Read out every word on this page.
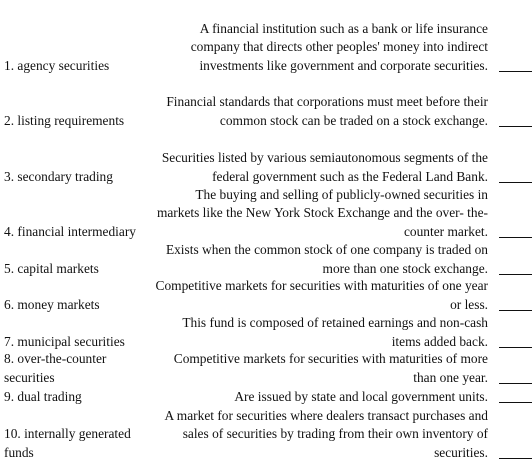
1. agency securities
A financial institution such as a bank or life insurance company that directs other peoples' money into indirect investments like government and corporate securities.
2. listing requirements
Financial standards that corporations must meet before their common stock can be traded on a stock exchange.
3. secondary trading
Securities listed by various semiautonomous segments of the federal government such as the Federal Land Bank.
4. financial intermediary
The buying and selling of publicly-owned securities in markets like the New York Stock Exchange and the over- the-counter market.
5. capital markets
Exists when the common stock of one company is traded on more than one stock exchange.
6. money markets
Competitive markets for securities with maturities of one year or less.
7. municipal securities
This fund is composed of retained earnings and non-cash items added back.
8. over-the-counter securities
Competitive markets for securities with maturities of more than one year.
9. dual trading	Are issued by state and local government units.
10. internally generated funds
A market for securities where dealers transact purchases and sales of securities by trading from their own inventory of securities.
